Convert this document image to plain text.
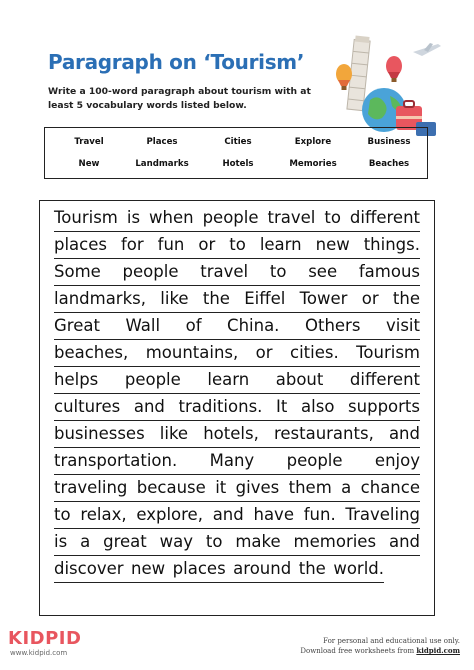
Paragraph on ‘Tourism’
Write a 100-word paragraph about tourism with at least 5 vocabulary words listed below.
Travel	Places	Cities	Explore	Business
New	Landmarks	Hotels	Memories	Beaches
Tourism is when people travel to different
places for fun or to learn new things.
Some people travel to see famous
landmarks, like the Eiffel Tower or the
Great Wall of China. Others visit
beaches, mountains, or cities. Tourism
helps people learn about different
cultures and traditions. It also supports
businesses like hotels, restaurants, and
transportation. Many people enjoy
traveling because it gives them a chance
to relax, explore, and have fun. Traveling
is a great way to make memories and
discover new places around the world.
KIDPID
www.kidpid.com
For personal and educational use only.
Download free worksheets from kidpid.com
